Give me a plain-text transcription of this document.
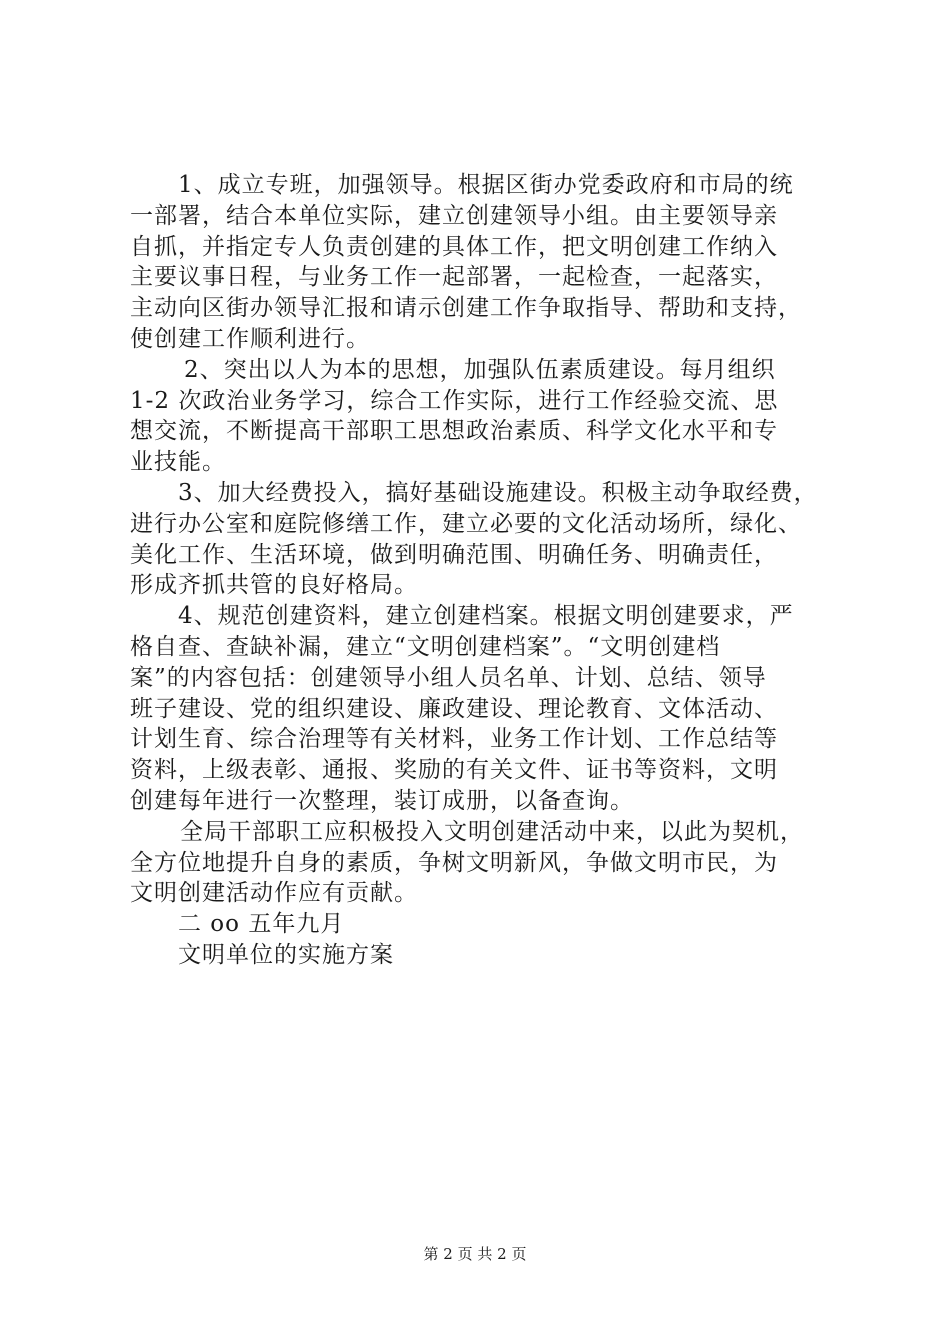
1、成立专班，加强领导。根据区街办党委政府和市局的统
一部署，结合本单位实际，建立创建领导小组。由主要领导亲
自抓，并指定专人负责创建的具体工作，把文明创建工作纳入
主要议事日程，与业务工作一起部署，一起检查，一起落实，
主动向区街办领导汇报和请示创建工作争取指导、帮助和支持，
使创建工作顺利进行。
2、突出以人为本的思想，加强队伍素质建设。每月组织
1-2 次政治业务学习，综合工作实际，进行工作经验交流、思
想交流，不断提高干部职工思想政治素质、科学文化水平和专
业技能。
3、加大经费投入，搞好基础设施建设。积极主动争取经费，
进行办公室和庭院修缮工作，建立必要的文化活动场所，绿化、
美化工作、生活环境，做到明确范围、明确任务、明确责任，
形成齐抓共管的良好格局。
4、规范创建资料，建立创建档案。根据文明创建要求，严
格自查、查缺补漏，建立“文明创建档案”。“文明创建档
案”的内容包括：创建领导小组人员名单、计划、总结、领导
班子建设、党的组织建设、廉政建设、理论教育、文体活动、
计划生育、综合治理等有关材料，业务工作计划、工作总结等
资料，上级表彰、通报、奖励的有关文件、证书等资料，文明
创建每年进行一次整理，装订成册，以备查询。
全局干部职工应积极投入文明创建活动中来，以此为契机，
全方位地提升自身的素质，争树文明新风，争做文明市民，为
文明创建活动作应有贡献。
二 oo 五年九月
文明单位的实施方案
第 2 页 共 2 页
